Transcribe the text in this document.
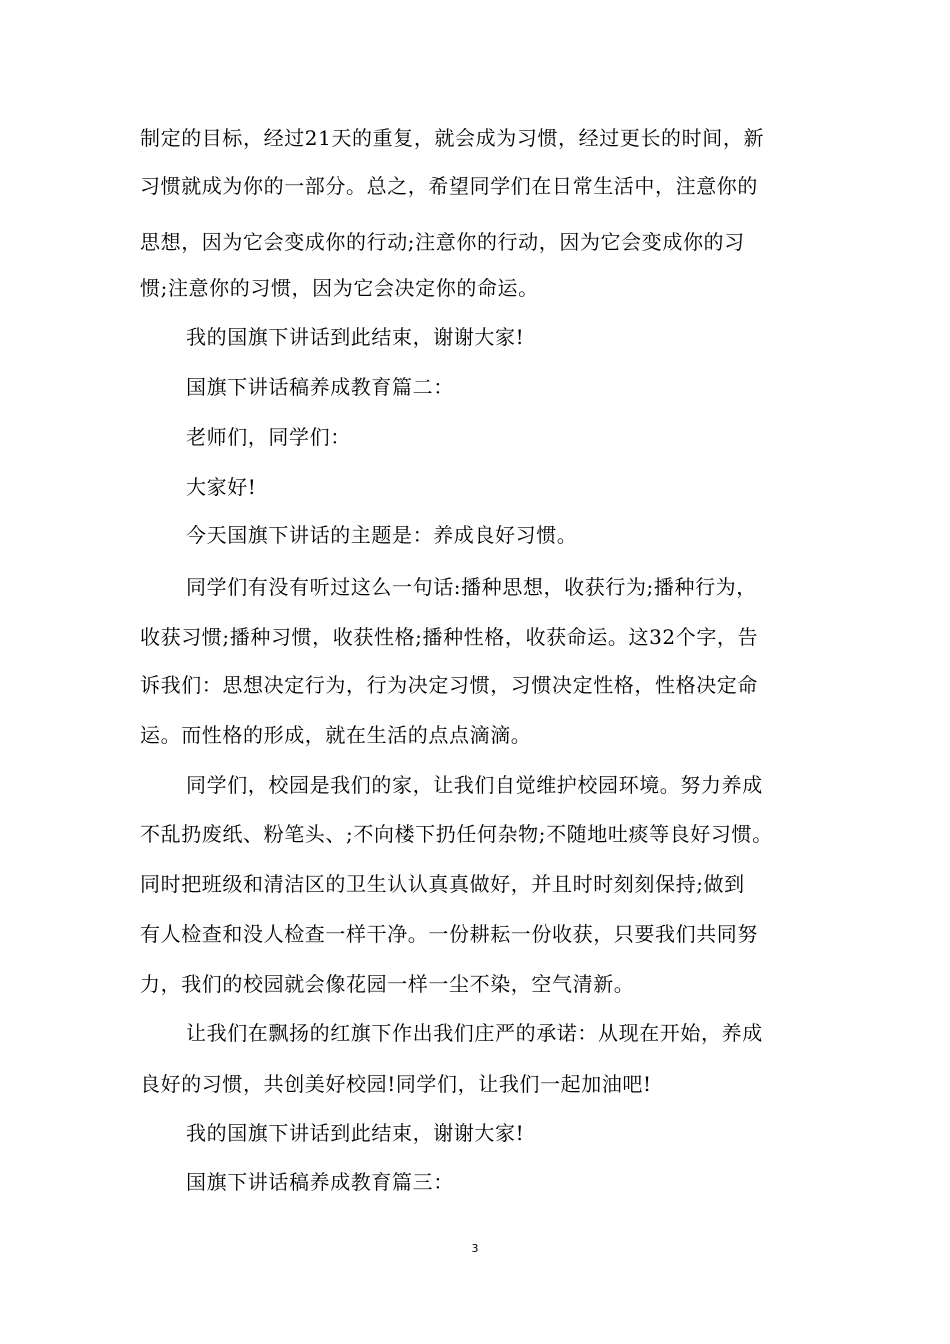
制定的目标，经过21天的重复，就会成为习惯，经过更长的时间，新
习惯就成为你的一部分。总之，希望同学们在日常生活中，注意你的
思想，因为它会变成你的行动;注意你的行动，因为它会变成你的习
惯;注意你的习惯，因为它会决定你的命运。
我的国旗下讲话到此结束，谢谢大家!
国旗下讲话稿养成教育篇二：
老师们，同学们：
大家好!
今天国旗下讲话的主题是：养成良好习惯。
同学们有没有听过这么一句话:播种思想，收获行为;播种行为，
收获习惯;播种习惯，收获性格;播种性格，收获命运。这32个字，告
诉我们：思想决定行为，行为决定习惯，习惯决定性格，性格决定命
运。而性格的形成，就在生活的点点滴滴。
同学们，校园是我们的家，让我们自觉维护校园环境。努力养成
不乱扔废纸、粉笔头、;不向楼下扔任何杂物;不随地吐痰等良好习惯。
同时把班级和清洁区的卫生认认真真做好，并且时时刻刻保持;做到
有人检查和没人检查一样干净。一份耕耘一份收获，只要我们共同努
力，我们的校园就会像花园一样一尘不染，空气清新。
让我们在飘扬的红旗下作出我们庄严的承诺：从现在开始，养成
良好的习惯，共创美好校园!同学们，让我们一起加油吧!
我的国旗下讲话到此结束，谢谢大家!
国旗下讲话稿养成教育篇三：
3
